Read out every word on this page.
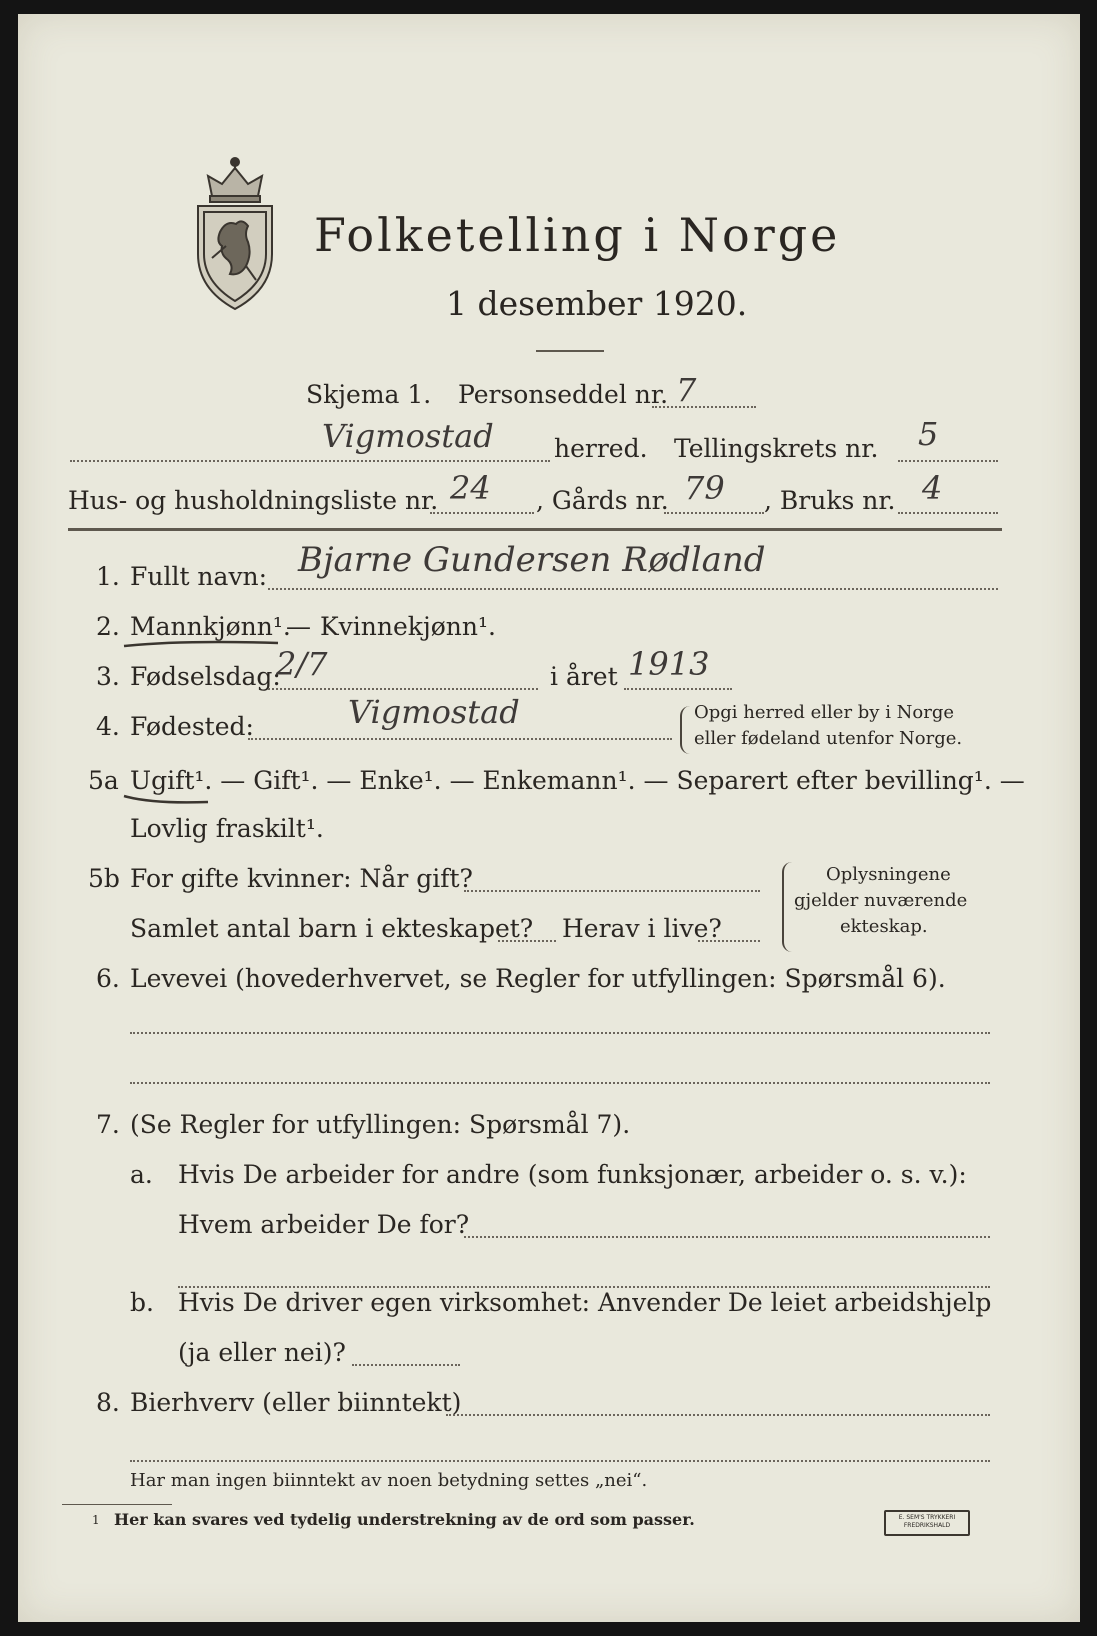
Folketelling i Norge
1 desember 1920.
Skjema 1. Personseddel nr. 7
Vigmostad herred. Tellingskrets nr. 5
Hus- og husholdningsliste nr. 24 , Gårds nr. 79 , Bruks nr. 4
1. Fullt navn: Bjarne Gundersen Rødland
2. Mannkjønn¹.
— Kvinnekjønn¹.
3. Fødselsdag:
2/7	i året 1913
4. Fødested:	Vigmostad	Opgi herred eller by i Norge
eller fødeland utenfor Norge.
5a Ugift¹. — Gift¹. — Enke¹. — Enkemann¹. — Separert efter bevilling¹. —
Lovlig fraskilt¹.
5b For gifte kvinner: Når gift?
Samlet antal barn i ekteskapet? Herav i live?
Oplysningene
gjelder nuværende
ekteskap.
6. Levevei (hovederhvervet, se Regler for utfyllingen: Spørsmål 6).
7. (Se Regler for utfyllingen: Spørsmål 7).
a. Hvis De arbeider for andre (som funksjonær, arbeider o. s. v.):
Hvem arbeider De for?
b. Hvis De driver egen virksomhet: Anvender De leiet arbeidshjelp
(ja eller nei)?
8. Bierhverv (eller biinntekt)
Har man ingen biinntekt av noen betydning settes „nei“.
1 Her kan svares ved tydelig understrekning av de ord som passer.	E. SEM'S TRYKKERI
FREDRIKSHALD
